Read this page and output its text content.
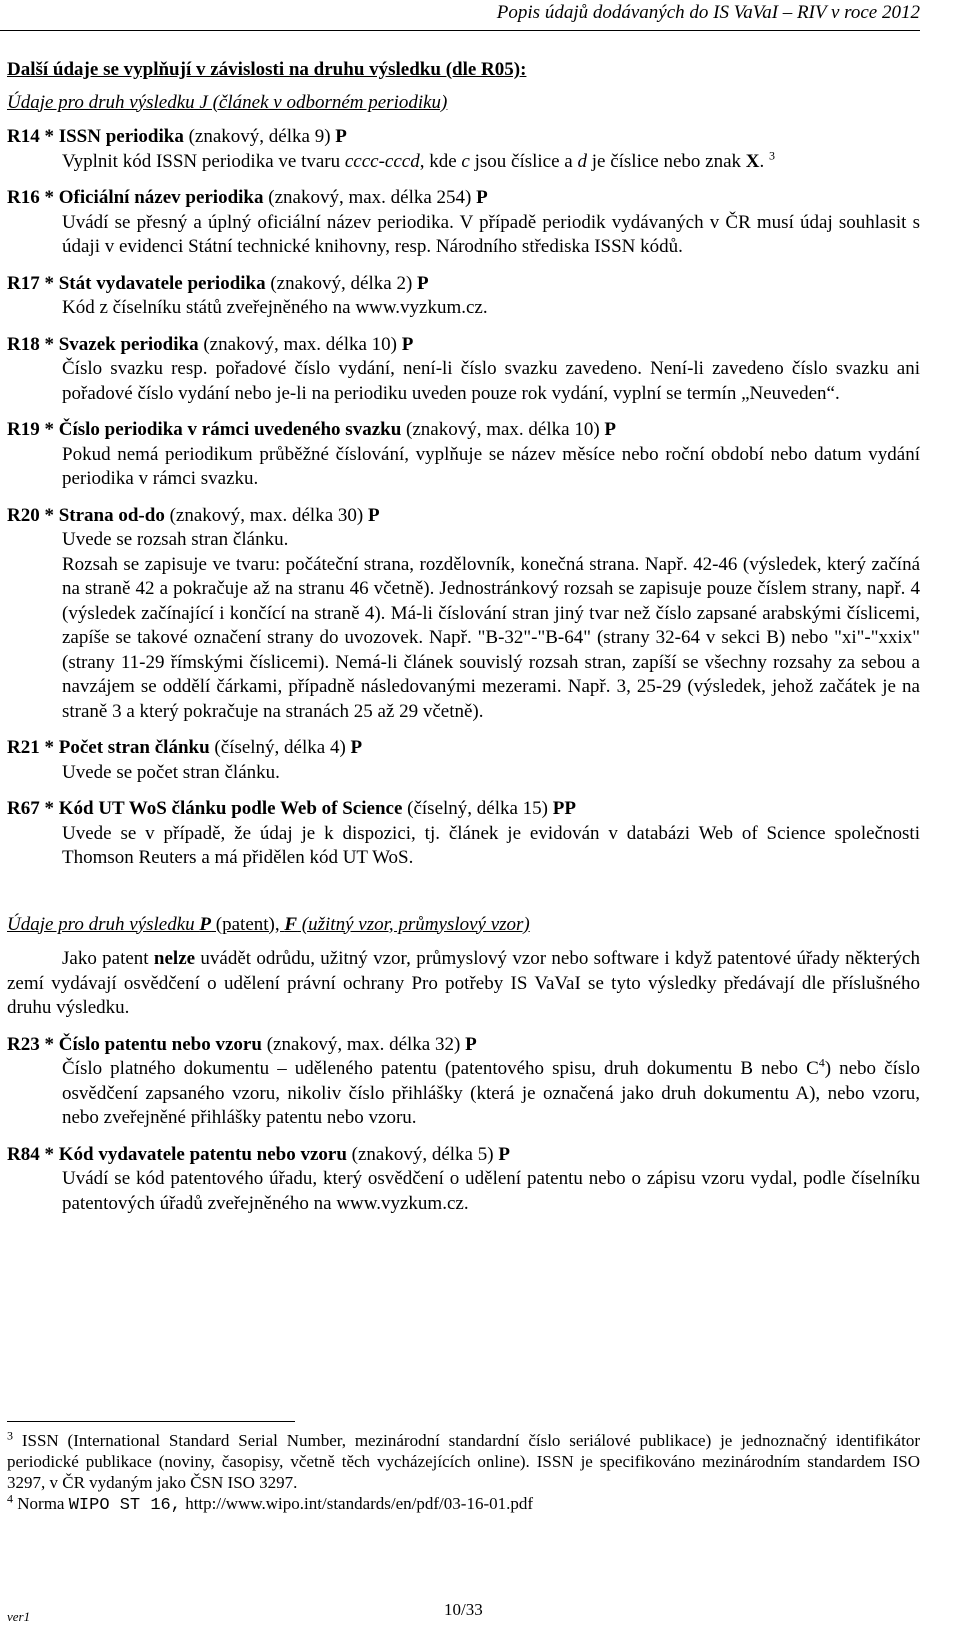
Popis údajů dodávaných do IS VaVaI – RIV v roce 2012

Další údaje se vyplňují v závislosti na druhu výsledku (dle R05):

Údaje pro druh výsledku J (článek v odborném periodiku)

R14 * ISSN periodika (znakový, délka 9) P

Vyplnit kód ISSN periodika ve tvaru cccc-cccd, kde c jsou číslice a d je číslice nebo znak X. $^3$

R16 * Oficiální název periodika (znakový, max. délka 254) P

Uvádí se přesný a úplný oficiální název periodika. V případě periodik vydávaných v ČR musí údaj souhlasit s údaji v evidenci Státní technické knihovny, resp. Národního střediska ISSN kódů.

R17 * Stát vydavatele periodika (znakový, délka 2) P

Kód z číselníku států zveřejněného na www.vyzkum.cz.

R18 * Svazek periodika (znakový, max. délka 10) P

Číslo svazku resp. pořadové číslo vydání, není-li číslo svazku zavedeno. Není-li zavedeno číslo svazku ani pořadové číslo vydání nebo je-li na periodiku uveden pouze rok vydání, vyplní se termín „Neuveden“.

R19 * Číslo periodika v rámci uvedeného svazku (znakový, max. délka 10) P

Pokud nemá periodikum průběžné číslování, vyplňuje se název měsíce nebo roční období nebo datum vydání periodika v rámci svazku.

R20 * Strana od-do (znakový, max. délka 30) P

Uvede se rozsah stran článku.

Rozsah se zapisuje ve tvaru: počáteční strana, rozdělovník, konečná strana. Např. 42-46 (výsledek, který začíná na straně 42 a pokračuje až na stranu 46 včetně). Jednostránkový rozsah se zapisuje pouze číslem strany, např. 4 (výsledek začínající i končící na straně 4). Má-li číslování stran jiný tvar než číslo zapsané arabskými číslicemi, zapíše se takové označení strany do uvozovek. Např. "B-32"-"B-64" (strany 32-64 v sekci B) nebo "xi"-"xxix" (strany 11-29 římskými číslicemi). Nemá-li článek souvislý rozsah stran, zapíší se všechny rozsahy za sebou a navzájem se oddělí čárkami, případně následovanými mezerami. Např. 3, 25-29 (výsledek, jehož začátek je na straně 3 a který pokračuje na stranách 25 až 29 včetně).

R21 * Počet stran článku (číselný, délka 4) P

Uvede se počet stran článku.

R67 * Kód UT WoS článku podle Web of Science (číselný, délka 15) PP

Uvede se v případě, že údaj je k dispozici, tj. článek je evidován v databázi Web of Science společnosti Thomson Reuters a má přidělen kód UT WoS.

Údaje pro druh výsledku P (patent), F (užitný vzor, průmyslový vzor)

Jako patent nelze uvádět odrůdu, užitný vzor, průmyslový vzor nebo software i když patentové úřady některých zemí vydávají osvědčení o udělení právní ochrany Pro potřeby IS VaVaI se tyto výsledky předávají dle příslušného druhu výsledku.

R23 * Číslo patentu nebo vzoru (znakový, max. délka 32) P

Číslo platného dokumentu – uděleného patentu (patentového spisu, druh dokumentu B nebo $C^4$) nebo číslo osvědčení zapsaného vzoru, nikoliv číslo přihlášky (která je označená jako druh dokumentu A), nebo vzoru, nebo zveřejněné přihlášky patentu nebo vzoru.

R84 * Kód vydavatele patentu nebo vzoru (znakový, délka 5) P

Uvádí se kód patentového úřadu, který osvědčení o udělení patentu nebo o zápisu vzoru vydal, podle číselníku patentových úřadů zveřejněného na www.vyzkum.cz.

$^3$ ISSN (International Standard Serial Number, mezinárodní standardní číslo seriálové publikace) je jednoznačný identifikátor periodické publikace (noviny, časopisy, včetně těch vycházejících online). ISSN je specifikováno mezinárodním standardem ISO 3297, v ČR vydaným jako ČSN ISO 3297.
$^4$ Norma WIPO ST 16, http://www.wipo.int/standards/en/pdf/03-16-01.pdf
ver1	10/33
